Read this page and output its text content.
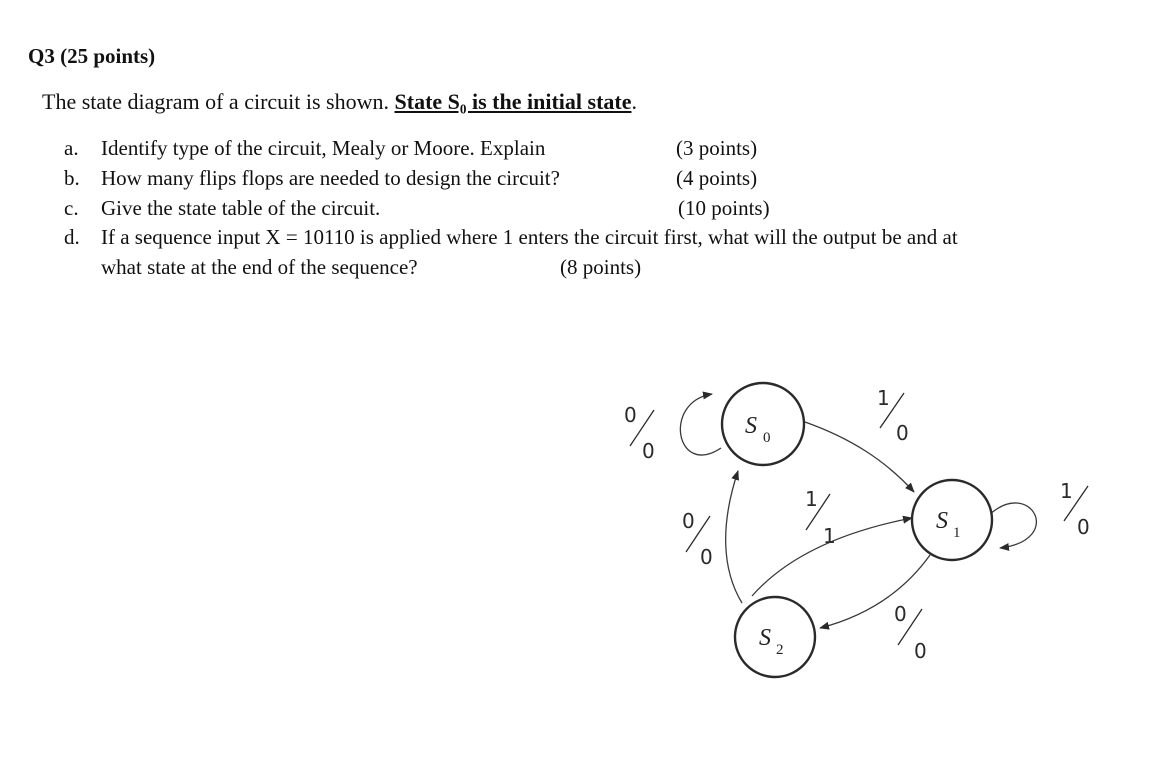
Q3 (25 points)
The state diagram of a circuit is shown. State S₀ is the initial state.
a. Identify type of the circuit, Mealy or Moore. Explain	(3 points)
b. How many flips flops are needed to design the circuit?	(4 points)
c. Give the state table of the circuit.	(10 points)
d. If a sequence input X = 10110 is applied where 1 enters the circuit first, what will the output be and at
what state at the end of the sequence?	(8 points)
S 0
S 1
S 2
0
0
1
0
1
0
1
1
0
0
0
0
